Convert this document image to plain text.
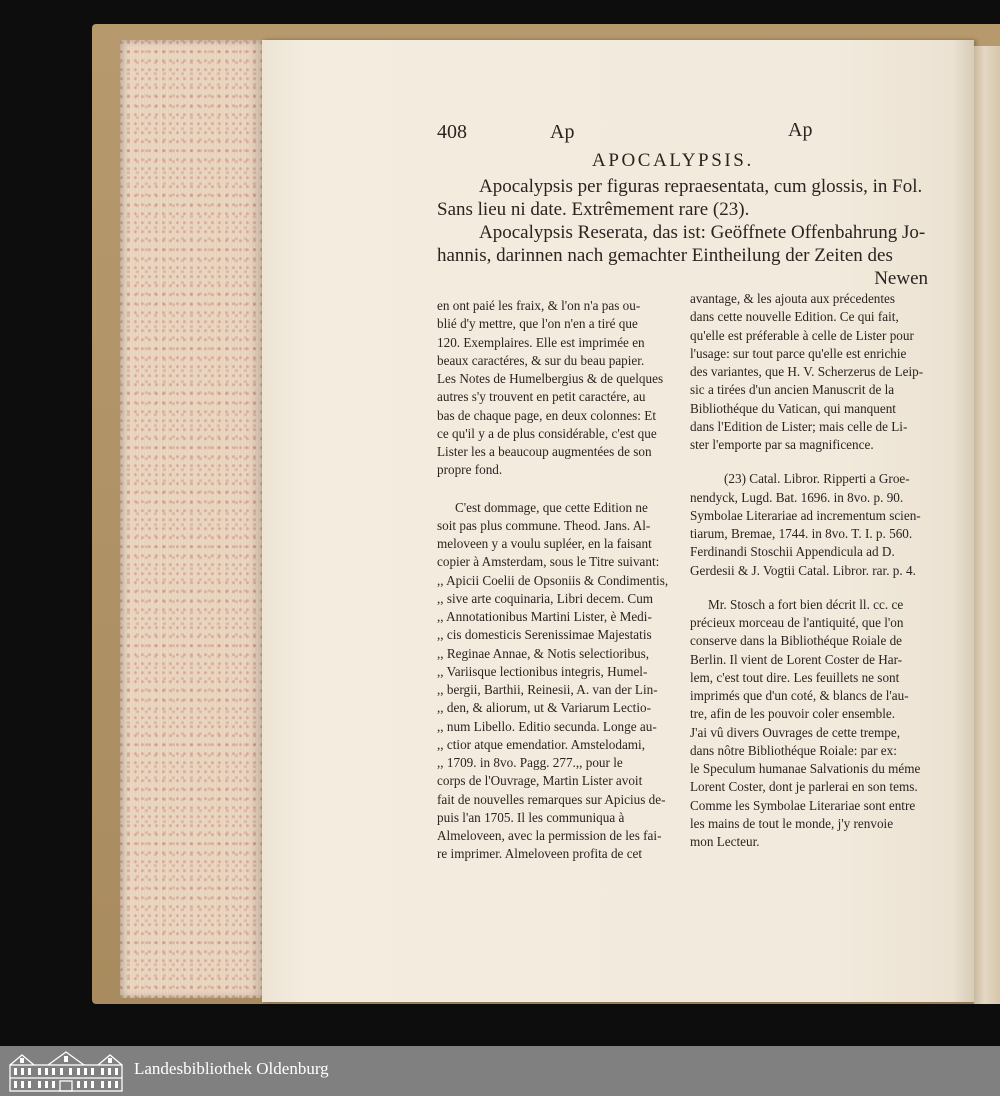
408	Ap	Ap
APOCALYPSIS.
Apocalypsis per figuras repraesentata, cum glossis, in Fol.
Sans lieu ni date. Extrêmement rare (23).
Apocalypsis Reserata, das ist: Geöffnete Offenbahrung Jo-
hannis, darinnen nach gemachter Eintheilung der Zeiten des
Newen
en ont paié les fraix, & l'on n'a pas ou-
blié d'y mettre, que l'on n'en a tiré que
120. Exemplaires. Elle est imprimée en
beaux caractéres, & sur du beau papier.
Les Notes de Humelbergius & de quelques
autres s'y trouvent en petit caractére, au
bas de chaque page, en deux colonnes: Et
ce qu'il y a de plus considérable, c'est que
Lister les a beaucoup augmentées de son
propre fond.
C'est dommage, que cette Edition ne
soit pas plus commune. Theod. Jans. Al-
meloveen y a voulu supléer, en la faisant
copier à Amsterdam, sous le Titre suivant:
,, Apicii Coelii de Opsoniis & Condimentis,
,, sive arte coquinaria, Libri decem. Cum
,, Annotationibus Martini Lister, è Medi-
,, cis domesticis Serenissimae Majestatis
,, Reginae Annae, & Notis selectioribus,
,, Variisque lectionibus integris, Humel-
,, bergii, Barthii, Reinesii, A. van der Lin-
,, den, & aliorum, ut & Variarum Lectio-
,, num Libello. Editio secunda. Longe au-
,, ctior atque emendatior. Amstelodami,
,, 1709. in 8vo. Pagg. 277.,, pour le
corps de l'Ouvrage, Martin Lister avoit
fait de nouvelles remarques sur Apicius de-
puis l'an 1705. Il les communiqua à
Almeloveen, avec la permission de les fai-
re imprimer. Almeloveen profita de cet
avantage, & les ajouta aux précedentes
dans cette nouvelle Edition. Ce qui fait,
qu'elle est préferable à celle de Lister pour
l'usage: sur tout parce qu'elle est enrichie
des variantes, que H. V. Scherzerus de Leip-
sic a tirées d'un ancien Manuscrit de la
Bibliothéque du Vatican, qui manquent
dans l'Edition de Lister; mais celle de Li-
ster l'emporte par sa magnificence.
(23) Catal. Libror. Ripperti a Groe-
nendyck, Lugd. Bat. 1696. in 8vo. p. 90.
Symbolae Literariae ad incrementum scien-
tiarum, Bremae, 1744. in 8vo. T. I. p. 560.
Ferdinandi Stoschii Appendicula ad D.
Gerdesii & J. Vogtii Catal. Libror. rar. p. 4.
Mr. Stosch a fort bien décrit ll. cc. ce
précieux morceau de l'antiquité, que l'on
conserve dans la Bibliothéque Roiale de
Berlin. Il vient de Lorent Coster de Har-
lem, c'est tout dire. Les feuillets ne sont
imprimés que d'un coté, & blancs de l'au-
tre, afin de les pouvoir coler ensemble.
J'ai vû divers Ouvrages de cette trempe,
dans nôtre Bibliothéque Roiale: par ex:
le Speculum humanae Salvationis du méme
Lorent Coster, dont je parlerai en son tems.
Comme les Symbolae Literariae sont entre
les mains de tout le monde, j'y renvoie
mon Lecteur.
Landesbibliothek Oldenburg
